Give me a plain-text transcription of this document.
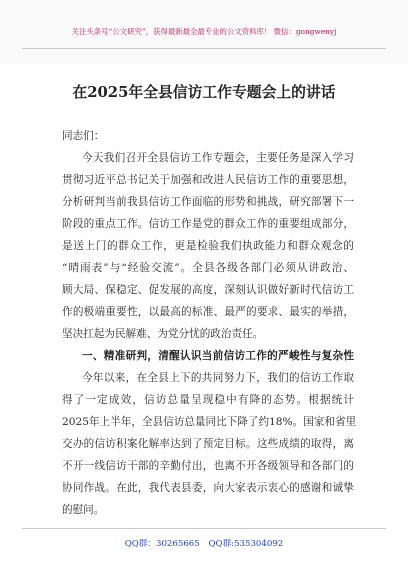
关注头条号“公文研究”，获得最新最全最专业的公文资料库！ 微信：gongwenyj
在2025年全县信访工作专题会上的讲话
同志们：
今天我们召开全县信访工作专题会，主要任务是深入学习
贯彻习近平总书记关于加强和改进人民信访工作的重要思想，
分析研判当前我县信访工作面临的形势和挑战，研究部署下一
阶段的重点工作。信访工作是党的群众工作的重要组成部分，
是送上门的群众工作，更是检验我们执政能力和群众观念的
“晴雨表”与“经验交流”。全县各级各部门必须从讲政治、
顾大局、保稳定、促发展的高度，深刻认识做好新时代信访工
作的极端重要性，以最高的标准、最严的要求、最实的举措，
坚决扛起为民解难、为党分忧的政治责任。
一、精准研判，清醒认识当前信访工作的严峻性与复杂性
今年以来，在全县上下的共同努力下，我们的信访工作取
得了一定成效，信访总量呈现稳中有降的态势。根据统计
2025年上半年，全县信访总量同比下降了约18%。国家和省里
交办的信访积案化解率达到了预定目标。这些成绩的取得，离
不开一线信访干部的辛勤付出，也离不开各级领导和各部门的
协同作战。在此，我代表县委，向大家表示衷心的感谢和诚挚
的慰问。
QQ群：30265665 QQ群:535304092
